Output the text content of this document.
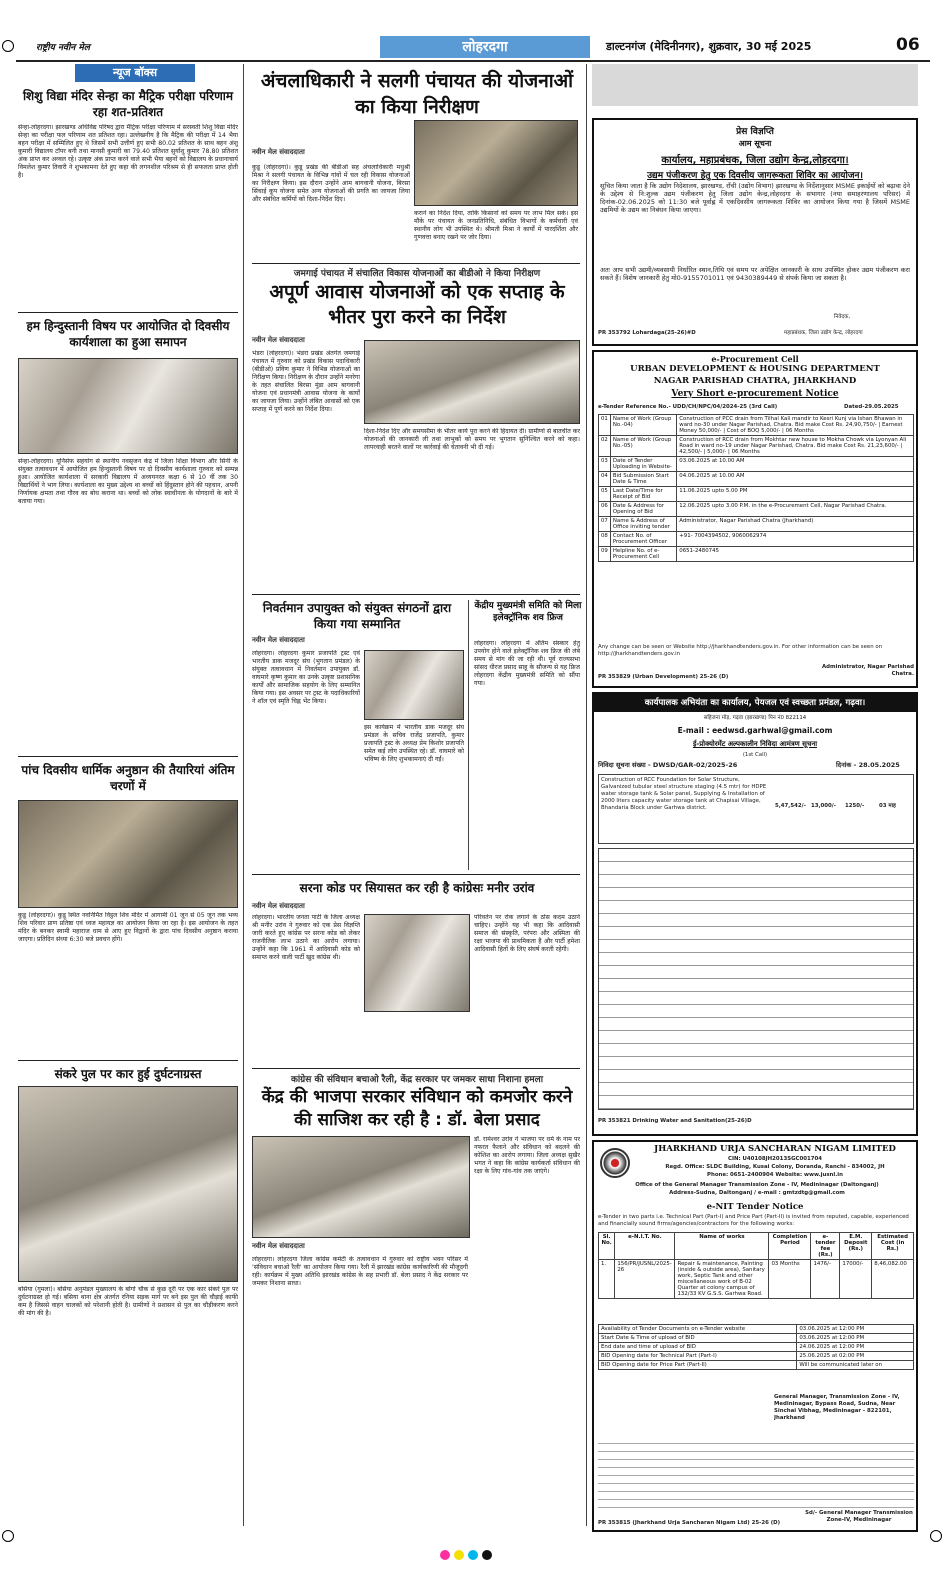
राष्ट्रीय नवीन मेल	लोहरदगा	डाल्टनगंज (मेदिनीनगर), शुक्रवार, 30 मई 2025	06
न्यूज बॉक्स
शिशु विद्या मंदिर सेन्हा का मैट्रिक परीक्षा परिणाम रहा शत-प्रतिशत
सेन्हा-लोहरदगा। झारखण्ड अधिविद्य परिषद द्वारा मैट्रिक परीक्षा परिणाम में सरस्वती शिशु विद्या मंदिर सेन्हा का परीक्षा फल परिणाम शत प्रतिशत रहा। उल्लेखनीय है कि मैट्रिक की परीक्षा में 14 भैया बहन परीक्षा में सम्मिलित हुए थे जिसमें सभी उत्तीर्ण हुए सभी 80.02 प्रतिशत के साथ बहन अंशु कुमारी विद्यालय टॉपर बनी तथा मानसी कुमारी का 79.40 प्रतिशत सुर्यांशु कुमार 78.80 प्रतिशत अंक प्राप्त कर अव्वल रहे। उत्कृष्ट अंक प्राप्त करने वाले सभी भैया बहनों को विद्यालय के प्रधानाचार्य विमलेश कुमार तिवारी ने शुभकामना देते हुए कहा की लगनशील परिश्रम से ही सफलता प्राप्त होती है।
हम हिन्दुस्तानी विषय पर आयोजित दो दिवसीय कार्यशाला का हुआ समापन
सेन्हा-लोहरदगा। यूनिसेफ सहयोग से स्थानीय नवसृजन केंद्र में जिला शिक्षा विभाग और सिनी के संयुक्त तत्वावधान में आयोजित हम हिन्दुस्तानी विषय पर दो दिवसीय कार्यशाला गुरुवार को सम्पन्न हुआ। आयोजित कार्यशाला में सरकारी विद्यालय में अध्ययनरत कक्षा 6 से 10 वीं तक 30 विद्यार्थियों ने भाग लिया। कार्यशाला का मुख्य उद्देश्य था बच्चों को हिंदुस्तान होने की पहचान, अपनी निर्णायक क्षमता तथा गौरव का बोध कराना था। बच्चों को लोक स्वाधीनता के योगदानों के बारे में बताया गया।
पांच दिवसीय धार्मिक अनुष्ठान की तैयारियां अंतिम चरणों में
कुडू (लोहरदगा)। कुडू स्थित नवनिर्मित विट्ठल शिव मंदिर में आगामी 01 जून से 05 जून तक भव्य शिव परिवार प्राण प्रतिष्ठा एवं ध्वज महायज्ञ का आयोजन किया जा रहा है। इस आयोजन के तहत मंदिर के बनकर स्वामी महाराज धाम से आए हुए विद्वानों के द्वारा पांच दिवसीय अनुष्ठान कराया जाएगा। प्रतिदिन संध्या 6:30 बजे प्रवचन होंगे।
संकरे पुल पर कार हुई दुर्घटनाग्रस्त
बसिया (गुमला)। बसिया अनुमंडल मुख्यालय के बोंगो चौक से कुछ दूरी पर एक कार संकरे पुल पर दुर्घटनाग्रस्त हो गई। बसिया थाना क्षेत्र अंतर्गत रनिया सड़क मार्ग पर बने इस पुल की चौड़ाई काफी कम है जिससे वाहन चालकों को परेशानी होती है। ग्रामीणों ने प्रशासन से पुल का चौड़ीकरण करने की मांग की है।
अंचलाधिकारी ने सलगी पंचायत की योजनाओं का किया निरीक्षण
नवीन मेल संवाददाता
कुडू (लोहरदगा)। कुडू प्रखंड की बीडीओ सह अंचलाधिकारी मधुश्री मिश्रा ने सलगी पंचायत के विभिन्न गांवों में चल रही विकास योजनाओं का निरीक्षण किया। इस दौरान उन्होंने आम बागवानी योजना, बिरसा सिंचाई कूप योजना समेत अन्य योजनाओं की प्रगति का जायजा लिया और संबंधित कर्मियों को दिशा-निर्देश दिए।
कराने का निर्देश दिया, ताकि किसानों को समय पर लाभ मिल सके। इस मौके पर पंचायत के जनप्रतिनिधि, संबंधित विभागों के कर्मचारी एवं स्थानीय लोग भी उपस्थित थे। श्रीमती मिश्रा ने कार्यों में पारदर्शिता और गुणवत्ता बनाए रखने पर जोर दिया।
जमगाई पंचायत में संचालित विकास योजनाओं का बीडीओ ने किया निरीक्षण
अपूर्ण आवास योजनाओं को एक सप्ताह के भीतर पुरा करने का निर्देश
नवीन मेल संवाददाता
भंडरा (लोहरदगा)। भंडरा प्रखंड अंतर्गत जमगाई पंचायत में गुरुवार को प्रखंड विकास पदाधिकारी (बीडीओ) प्रविण कुमार ने विभिन्न योजनाओं का निरीक्षण किया। निरीक्षण के दौरान उन्होंने मनरेगा के तहत संचालित बिरसा मुंडा आम बागवानी योजना एवं प्रधानमंत्री आवास योजना के कार्यों का जायजा लिया। उन्होंने लंबित आवासों को एक सप्ताह में पूर्ण करने का निर्देश दिया।
दिशा-निर्देश दिए और समयसीमा के भीतर कार्य पूरा करने की हिदायत दी। ग्रामीणों से बातचीत कर योजनाओं की जानकारी ली तथा लाभुकों को समय पर भुगतान सुनिश्चित करने को कहा। लापरवाही बरतने वालों पर कार्रवाई की चेतावनी भी दी गई।
निवर्तमान उपायुक्त को संयुक्त संगठनों द्वारा किया गया सम्मानित
नवीन मेल संवाददाता
लोहरदगा। लोहरदगा कुमार प्रजापति ट्रस्ट एवं भारतीय डाक मजदूर संघ (भुगतान प्रमंडल) के संयुक्त तत्वावधान में निवर्तमान उपायुक्त डॉ. वाघमारे कृष्ण कुमार का उनके उत्कृष्ट प्रशासनिक कार्यों और सामाजिक सहयोग के लिए सम्मानित किया गया। इस अवसर पर ट्रस्ट के पदाधिकारियों ने शॉल एवं स्मृति चिह्न भेंट किया।
इस कार्यक्रम में भारतीय डाक मजदूर संघ प्रमंडल के सचिव राजेंद्र प्रजापति, कुमार प्रजापति ट्रस्ट के अध्यक्ष प्रेम किशोर प्रजापति समेत कई लोग उपस्थित रहे। डॉ. वाघमारे को भविष्य के लिए शुभकामनाएं दी गईं।
केंद्रीय मुख्यमंत्री समिति को मिला इलेक्ट्रॉनिक शव फ्रिज
लोहरदगा। लोहरदगा में अंतिम संस्कार हेतु उपयोग होने वाले इलेक्ट्रॉनिक शव फ्रिज की लंबे समय से मांग की जा रही थी। पूर्व राज्यसभा सांसद धीरज प्रसाद साहू के सौजन्य से यह फ्रिज लोहरदगा केंद्रीय मुख्यमंत्री समिति को सौंपा गया।
सरना कोड पर सियासत कर रही है कांग्रेसः मनीर उरांव
नवीन मेल संवाददाता
लोहरदगा। भारतीय जनता पार्टी के जिला अध्यक्ष श्री मनीर उरांव ने गुरुवार को एक प्रेस विज्ञप्ति जारी करते हुए कांग्रेस पर सरना कोड को लेकर राजनीतिक लाभ उठाने का आरोप लगाया। उन्होंने कहा कि 1961 में आदिवासी कोड को समाप्त करने वाली पार्टी खुद कांग्रेस थी।
परिवर्तन पर रोक लगाने के ठोस कदम उठाने चाहिए। उन्होंने यह भी कहा कि आदिवासी समाज की संस्कृति, परंपरा और अस्मिता की रक्षा भाजपा की प्राथमिकता है और पार्टी हमेशा आदिवासी हितों के लिए संघर्ष करती रहेगी।
कांग्रेस की संविधान बचाओ रैली, केंद्र सरकार पर जमकर साधा निशाना हमला
केंद्र की भाजपा सरकार संविधान को कमजोर करने की साजिश कर रही है : डॉ. बेला प्रसाद
नवीन मेल संवाददाता
लोहरदगा। लोहरदगा जिला कांग्रेस कमेटी के तत्वावधान में गुरुवार को राष्ट्रीय भवन परिसर में 'संविधान बचाओ रैली' का आयोजन किया गया। रैली में झारखंड कांग्रेस कार्यकारिणी की मौजूदगी रही। कार्यक्रम में मुख्य अतिथि झारखंड कांग्रेस के सह प्रभारी डॉ. बेला प्रसाद ने केंद्र सरकार पर जमकर निशाना साधा।
डॉ. रामेश्वर उरांव ने भाजपा पर धर्म के नाम पर नफरत फैलाने और संविधान को बदलने की कोशिश का आरोप लगाया। जिला अध्यक्ष सुखैर भगत ने कहा कि कांग्रेस कार्यकर्ता संविधान की रक्षा के लिए गांव-गांव तक जाएंगे।
प्रेस विज्ञप्ति
आम सूचना
कार्यालय, महाप्रबंधक, जिला उद्योग केन्द्र,लोहरदगा।
उद्यम पंजीकरण हेतु एक दिवसीय जागरूकता शिविर का आयोजन।
सूचित किया जाता है कि उद्योग निदेशालय, झारखण्ड, राँची (उद्योग विभाग) झारखण्ड के निर्देशानुसार MSME इकाईयों को बढ़ावा देने के उद्देश्य से नि:शुल्क उद्यम पंजीकरण हेतु जिला उद्योग केन्द्र,लोहरदगा के सभागार (नया समाहरणालय परिसर) में दिनांक-02.06.2025 को 11:30 बजे पूर्वाह्न में एकदिवसीय जागरूकता शिविर का आयोजन किया गया है जिसमें MSME उद्यमियों के उद्यम का निबंधन किया जाएगा।
अतः आप सभी उद्यमी/व्यवसायी निर्धारित स्थान,तिथि एवं समय पर अपेक्षित जानकारी के साथ उपस्थित होकर उद्यम पंजीकरण करा सकते हैं। विशेष जानकारी हेतु मो0-9155701011 एवं 9430389449 से संपर्क किया जा सकता है।
निवेदक,
महाप्रबंधक, जिला उद्योग केन्द्र, लोहरदगा
PR 353792 Lohardaga(25-26)#D
e-Procurement Cell
URBAN DEVELOPMENT & HOUSING DEPARTMENT
NAGAR PARISHAD CHATRA, JHARKHAND
Very Short e-procurement Notice
e-Tender Reference No.- UDD/CH/NPC/04/2024-25 (3rd Call)	Dated-29.05.2025
01	Name of Work (Group No.-04)	Construction of PCC drain from Tilhal Kali mandir to Kesri Kunj via Ishan Bhawan in ward no-30 under Nagar Parishad, Chatra. Bid make Cost Rs. 24,90,750/- | Earnest Money 50,000/- | Cost of BOQ 5,000/- | 06 Months
02	Name of Work (Group No.-05)	Construction of RCC drain from Mokhtar new house to Mokha Chowk via Lyonyan Ali Road in ward no-19 under Nagar Parishad, Chatra. Bid make Cost Rs. 21,23,600/- | 42,500/- | 5,000/- | 06 Months
03	Date of Tender Uploading in Website-	03.06.2025 at 10.00 AM
04	Bid Submission Start Date & Time	04.06.2025 at 10.00 AM
05	Last Date/Time for Receipt of Bid	11.06.2025 upto 5.00 PM
06	Date & Address for Opening of Bid	12.06.2025 upto 3.00 P.M. in the e-Procurement Cell, Nagar Parishad Chatra.
07	Name & Address of Office inviting tender	Administrator, Nagar Parishad Chatra (Jharkhand)
08	Contact No. of Procurement Officer	+91- 7004394502, 9060062974
09	Helpline No. of e-Procurement Cell	0651-2480745
Any change can be seen or Website http://jharkhandtenders.gov.in. For other information can be seen on http://jharkhandtenders.gov.in
Administrator, Nagar Parishad Chatra.
PR 353829 (Urban Development) 25-26 (D)
कार्यपालक अभियंता का कार्यालय, पेयजल एवं स्वच्छता प्रमंडल, गढ़वा।
सहिजना मोड़, गढ़वा (झारखण्ड) पिन नं0 822114
E-mail : eedwsd.garhwal@gmail.com
ई-प्रोक्योरमेंट अल्पकालीन निविदा आमंत्रण सूचना
(1st Call)
निविदा सूचना संख्या - DWSD/GAR-02/2025-26	दिनांक - 28.05.2025
Construction of RCC Foundation for Solar Structure, Galvanized tubular steel structure staging (4.5 mtr) for HDPE water storage tank & Solar panel, Supplying & Installation of 2000 liters capacity water storage tank at Chapisai Village, Bhandaria Block under Garhwa district.	5,47,542/- 13,000/- 1250/-	03 माह
PR 353821 Drinking Water and Sanitation(25-26)D
JHARKHAND URJA SANCHARAN NIGAM LIMITED
CIN: U40108JH2013SGC001704
Regd. Office: SLDC Building, Kusai Colony, Doranda, Ranchi - 834002, JH
Phone: 0651-2400904 Website: www.jusnl.in
Office of the General Manager Transmission Zone - IV, Medininagar (Daltonganj)
Address-Sudna, Daltonganj / e-mail : gmtzdtg@gmail.com
e-NIT Tender Notice
e-Tender in two parts i.e. Technical Part (Part-I) and Price Part (Part-II) is invited from reputed, capable, experienced and financially sound firms/agencies/contractors for the following works:
Sl. No.	e-N.I.T. No.	Name of works	Completion Period	e-tender fee (Rs.)	E.M. Deposit (Rs.)	Estimated Cost (in Rs.)
1.	156/PR/JUSNL/2025-26	Repair & maintenance, Painting (inside & outside area), Sanitary work, Septic Tank and other miscellaneous work of B-02 Quarter at colony campus of 132/33 KV G.S.S. Garhwa Road.	03 Months	1476/-	17000/-	8,46,082.00
Availability of Tender Documents on e-Tender website	03.06.2025 at 12:00 PM
Start Date & Time of upload of BID	03.06.2025 at 12:00 PM
End date and time of upload of BID	24.06.2025 at 12:00 PM
BID Opening date for Technical Part (Part-I)	25.06.2025 at 02:00 PM
BID Opening date for Price Part (Part-II)	Will be communicated later on
General Manager, Transmission Zone - IV, Medininagar, Bypass Road, Sudna, Near Sinchai Vibhag, Medininagar - 822101, Jharkhand
Sd/- General Manager Transmission Zone-IV, Medininagar
PR 353815 (Jharkhand Urja Sancharan Nigam Ltd) 25-26 (D)
